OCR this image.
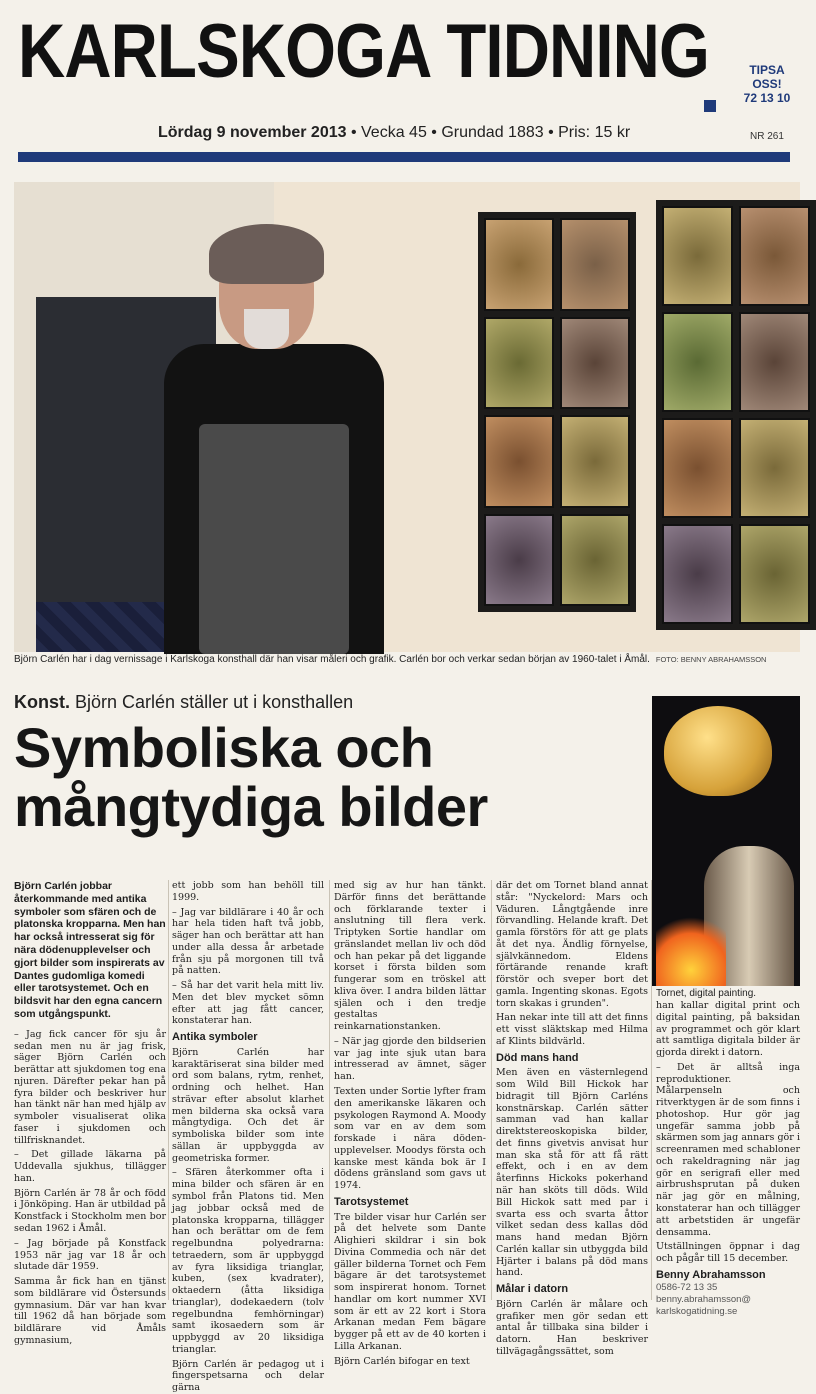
KARLSKOGA TIDNING	TIPSA OSS!
72 13 10
Lördag 9 november 2013 • Vecka 45 • Grundad 1883 • Pris: 15 kr	NR 261
Björn Carlén har i dag vernissage i Karlskoga konsthall där han visar måleri och grafik. Carlén bor och verkar sedan början av 1960-talet i Åmål. FOTO: BENNY ABRAHAMSSON
Konst. Björn Carlén ställer ut i konsthallen
Symboliska och mångtydiga bilder
Tornet, digital painting.

Björn Carlén jobbar återkommande med antika symboler som sfären och de platonska kropparna. Men han har också intresserat sig för nära dödenupplevelser och gjort bilder som inspirerats av Dantes gudomliga komedi eller tarotsystemet. Och en bildsvit har den egna cancern som utgångspunkt.

– Jag fick cancer för sju år sedan men nu är jag frisk, säger Björn Carlén och berättar att sjukdomen tog ena njuren. Därefter pekar han på fyra bilder och beskriver hur han tänkt när han med hjälp av symboler visualiserat olika faser i sjukdomen och tillfrisknandet.

– Det gillade läkarna på Uddevalla sjukhus, tillägger han.

Björn Carlén är 78 år och född i Jönköping. Han är utbildad på Konstfack i Stockholm men bor sedan 1962 i Åmål.

– Jag började på Konstfack 1953 när jag var 18 år och slutade där 1959.

Samma år fick han en tjänst som bildlärare vid Östersunds gymnasium. Där var han kvar till 1962 då han började som bildlärare vid Åmåls gymnasium,

ett jobb som han behöll till 1999.

– Jag var bildlärare i 40 år och har hela tiden haft två jobb, säger han och berättar att han under alla dessa år arbetade från sju på morgonen till två på natten.

– Så har det varit hela mitt liv. Men det blev mycket sömn efter att jag fått cancer, konstaterar han.

Antika symboler

Björn Carlén har karaktäriserat sina bilder med ord som balans, rytm, renhet, ordning och helhet. Han strävar efter absolut klarhet men bilderna ska också vara mångtydiga. Och det är symboliska bilder som inte sällan är uppbyggda av geometriska former.

– Sfären återkommer ofta i mina bilder och sfären är en symbol från Platons tid. Men jag jobbar också med de platonska kropparna, tillägger han och berättar om de fem regelbundna polyedrarna: tetraedern, som är uppbyggd av fyra liksidiga trianglar, kuben, (sex kvadrater), oktaedern (åtta liksidiga trianglar), dodekaedern (tolv regelbundna femhörningar) samt ikosaedern som är uppbyggd av 20 liksidiga trianglar.

Björn Carlén är pedagog ut i fingerspetsarna och delar gärna

med sig av hur han tänkt. Därför finns det berättande och förklarande texter i anslutning till flera verk. Triptyken Sortie handlar om gränslandet mellan liv och död och han pekar på det liggande korset i första bilden som fungerar som en tröskel att kliva över. I andra bilden lättar själen och i den tredje gestaltas reinkarnationstanken.

– När jag gjorde den bildserien var jag inte sjuk utan bara intresserad av ämnet, säger han.

Texten under Sortie lyfter fram den amerikanske läkaren och psykologen Raymond A. Moody som var en av dem som forskade i nära döden-upplevelser. Moodys första och kanske mest kända bok är I dödens gränsland som gavs ut 1974.

Tarotsystemet

Tre bilder visar hur Carlén ser på det helvete som Dante Alighieri skildrar i sin bok Divina Commedia och när det gäller bilderna Tornet och Fem bägare är det tarotsystemet som inspirerat honom. Tornet handlar om kort nummer XVI som är ett av 22 kort i Stora Arkanan medan Fem bägare bygger på ett av de 40 korten i Lilla Arkanan.

Björn Carlén bifogar en text

där det om Tornet bland annat står: "Nyckelord: Mars och Väduren. Långtgående inre förvandling. Helande kraft. Det gamla förstörs för att ge plats åt det nya. Ändlig förnyelse, självkännedom. Eldens förtärande renande kraft förstör och sveper bort det gamla. Ingenting skonas. Egots torn skakas i grunden".

Han nekar inte till att det finns ett visst släktskap med Hilma af Klints bildvärld.

Död mans hand

Men även en västernlegend som Wild Bill Hickok har bidragit till Björn Carléns konstnärskap. Carlén sätter samman vad han kallar direktstereoskopiska bilder, det finns givetvis anvisat hur man ska stå för att få rätt effekt, och i en av dem återfinns Hickoks pokerhand när han sköts till döds. Wild Bill Hickok satt med par i svarta ess och svarta åttor vilket sedan dess kallas död mans hand medan Björn Carlén kallar sin utbyggda bild Hjärter i balans på död mans hand.

Målar i datorn

Björn Carlén är målare och grafiker men gör sedan ett antal år tillbaka sina bilder i datorn. Han beskriver tillvägagångssättet, som

han kallar digital print och digital painting, på baksidan av programmet och gör klart att samtliga digitala bilder är gjorda direkt i datorn.

– Det är alltså inga reproduktioner. Målarpenseln och ritverktygen är de som finns i photoshop. Hur gör jag ungefär samma jobb på skärmen som jag annars gör i screenramen med schabloner och rakeldragning när jag gör en serigrafi eller med airbrushsprutan på duken när jag gör en målning, konstaterar han och tillägger att arbetstiden är ungefär densamma.

Utställningen öppnar i dag och pågår till 15 december.

Benny Abrahamsson
0586-72 13 35
benny.abrahamsson@ karlskogatidning.se
